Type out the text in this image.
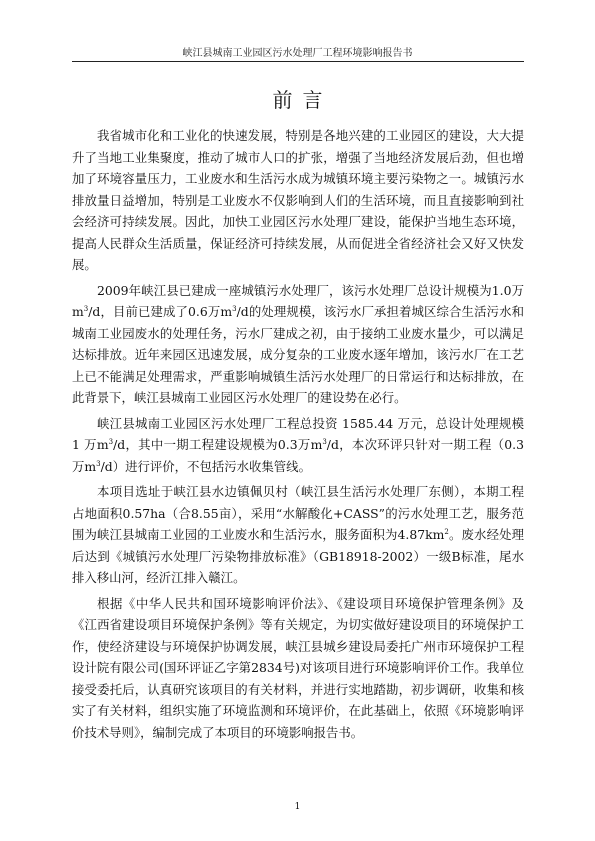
峡江县城南工业园区污水处理厂工程环境影响报告书
前言

我省城市化和工业化的快速发展，特别是各地兴建的工业园区的建设，大大提升了当地工业集聚度，推动了城市人口的扩张，增强了当地经济发展后劲，但也增加了环境容量压力，工业废水和生活污水成为城镇环境主要污染物之一。城镇污水排放量日益增加，特别是工业废水不仅影响到人们的生活环境，而且直接影响到社会经济可持续发展。因此，加快工业园区污水处理厂建设，能保护当地生态环境，提高人民群众生活质量，保证经济可持续发展，从而促进全省经济社会又好又快发展。

2009年峡江县已建成一座城镇污水处理厂，该污水处理厂总设计规模为1.0万$m^3/d$，目前已建成了0.6万$m^3/d$的处理规模，该污水厂承担着城区综合生活污水和城南工业园废水的处理任务，污水厂建成之初，由于接纳工业废水量少，可以满足达标排放。近年来园区迅速发展，成分复杂的工业废水逐年增加，该污水厂在工艺上已不能满足处理需求，严重影响城镇生活污水处理厂的日常运行和达标排放，在此背景下，峡江县城南工业园区污水处理厂的建设势在必行。

峡江县城南工业园区污水处理厂工程总投资 1585.44 万元，总设计处理规模 1 万$m^3/d$，其中一期工程建设规模为0.3万$m^3/d$，本次环评只针对一期工程（0.3万$m^3/d$）进行评价，不包括污水收集管线。

本项目选址于峡江县水边镇佩贝村（峡江县生活污水处理厂东侧），本期工程占地面积0.57ha（合8.55亩），采用“水解酸化+CASS”的污水处理工艺，服务范围为峡江县城南工业园的工业废水和生活污水，服务面积为$4.87km^2$。废水经处理后达到《城镇污水处理厂污染物排放标准》（GB18918-2002）一级B标准，尾水排入移山河，经沂江排入赣江。

根据《中华人民共和国环境影响评价法》、《建设项目环境保护管理条例》及《江西省建设项目环境保护条例》等有关规定，为切实做好建设项目的环境保护工作，使经济建设与环境保护协调发展，峡江县城乡建设局委托广州市环境保护工程设计院有限公司(国环评证乙字第2834号)对该项目进行环境影响评价工作。我单位接受委托后，认真研究该项目的有关材料，并进行实地踏勘，初步调研，收集和核实了有关材料，组织实施了环境监测和环境评价，在此基础上，依照《环境影响评价技术导则》，编制完成了本项目的环境影响报告书。

1
